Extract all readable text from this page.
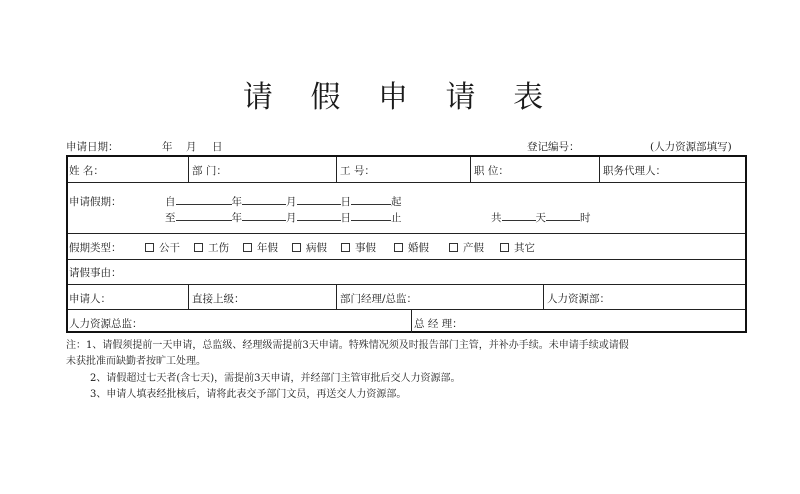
请 假 申 请 表
申请日期：	年 月 日	登记编号：	(人力资源部填写)
姓 名：	部 门：	工 号：	职 位：	职务代理人：
申请假期：	自	年	月	日	起
至	年	月	日	止	共	天	时
假期类型：	公干	工伤	年假	病假	事假	婚假	产假	其它
请假事由：
申请人：	直接上级：	部门经理/总监：	人力资源部：
人力资源总监：	总 经 理：
注：1、请假须提前一天申请，总监级、经理级需提前3天申请。特殊情况须及时报告部门主管，并补办手续。未申请手续或请假
未获批准而缺勤者按旷工处理。
2、请假超过七天者(含七天)，需提前3天申请，并经部门主管审批后交人力资源部。
3、申请人填表经批核后，请将此表交予部门文员，再送交人力资源部。
